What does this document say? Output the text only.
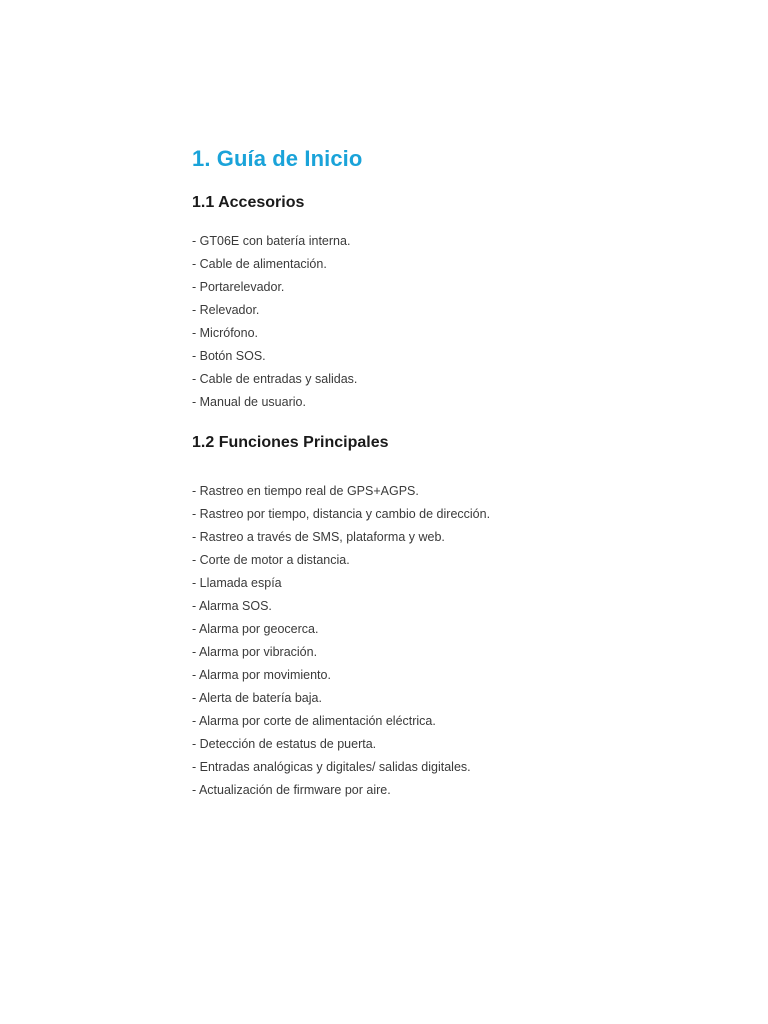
1. Guía de Inicio
1.1 Accesorios
- GT06E con batería interna.
- Cable de alimentación.
- Portarelevador.
- Relevador.
- Micrófono.
- Botón SOS.
- Cable de entradas y salidas.
- Manual de usuario.
1.2 Funciones Principales
- Rastreo en tiempo real de GPS+AGPS.
- Rastreo por tiempo, distancia y cambio de dirección.
- Rastreo a través de SMS, plataforma y web.
- Corte de motor a distancia.
- Llamada espía
- Alarma SOS.
- Alarma por geocerca.
- Alarma por vibración.
- Alarma por movimiento.
- Alerta de batería baja.
- Alarma por corte de alimentación eléctrica.
- Detección de estatus de puerta.
- Entradas analógicas y digitales/ salidas digitales.
- Actualización de firmware por aire.
